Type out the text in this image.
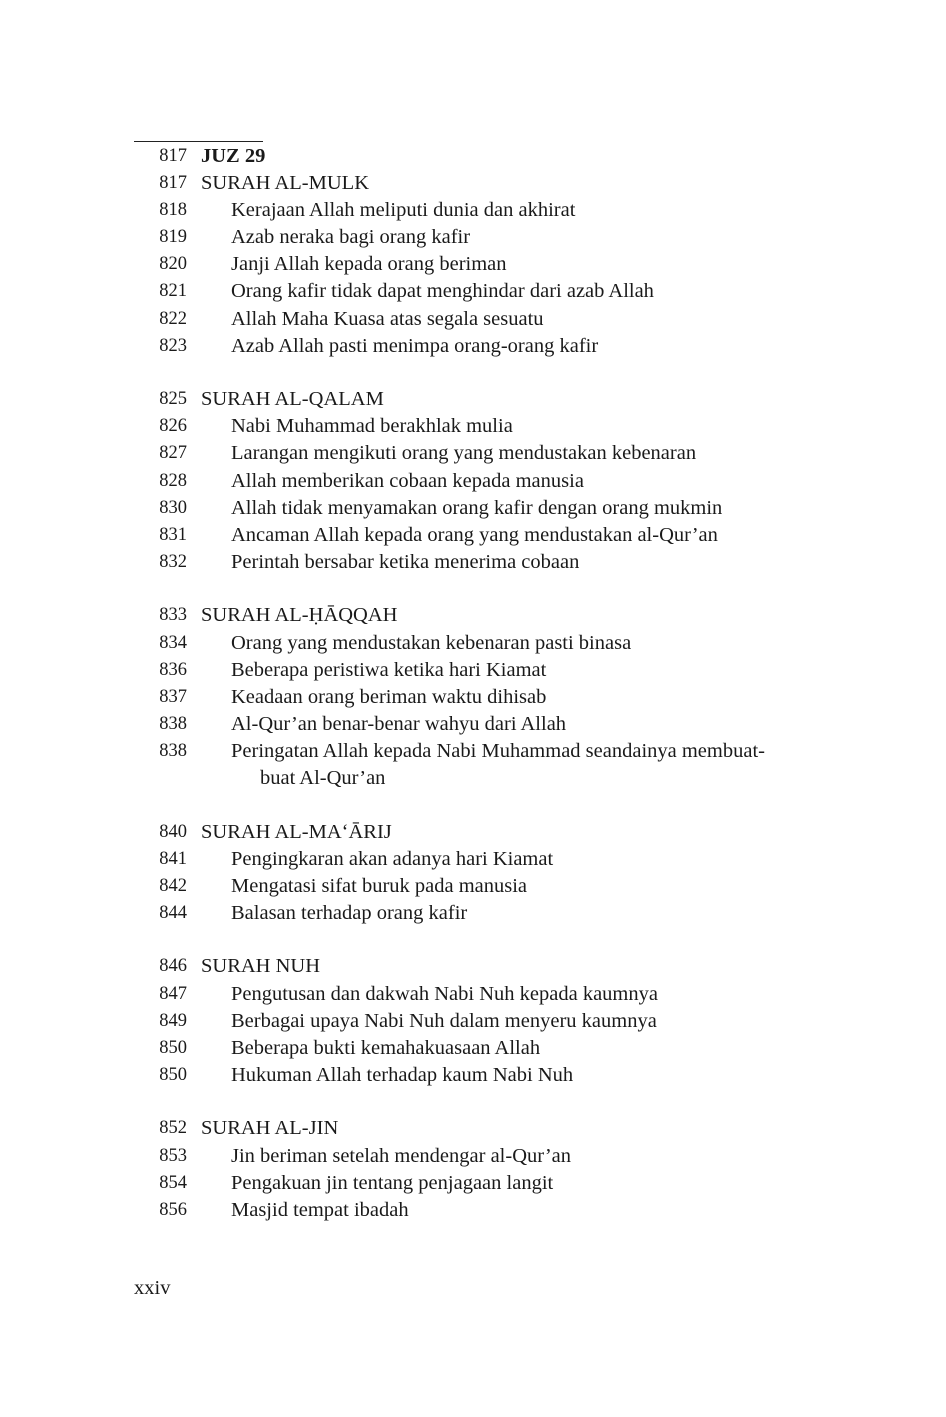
817 JUZ 29
817 SURAH AL-MULK
818 Kerajaan Allah meliputi dunia dan akhirat
819 Azab neraka bagi orang kafir
820 Janji Allah kepada orang beriman
821 Orang kafir tidak dapat menghindar dari azab Allah
822 Allah Maha Kuasa atas segala sesuatu
823 Azab Allah pasti menimpa orang-orang kafir
825 SURAH AL-QALAM
826 Nabi Muhammad berakhlak mulia
827 Larangan mengikuti orang yang mendustakan kebenaran
828 Allah memberikan cobaan kepada manusia
830 Allah tidak menyamakan orang kafir dengan orang mukmin
831 Ancaman Allah kepada orang yang mendustakan al-Qur’an
832 Perintah bersabar ketika menerima cobaan
833 SURAH AL-ḤĀQQAH
834 Orang yang mendustakan kebenaran pasti binasa
836 Beberapa peristiwa ketika hari Kiamat
837 Keadaan orang beriman waktu dihisab
838 Al-Qur’an benar-benar wahyu dari Allah
838 Peringatan Allah kepada Nabi Muhammad seandainya membuat-
buat Al-Qur’an
840 SURAH AL-MAʻĀRIJ
841 Pengingkaran akan adanya hari Kiamat
842 Mengatasi sifat buruk pada manusia
844 Balasan terhadap orang kafir
846 SURAH NUH
847 Pengutusan dan dakwah Nabi Nuh kepada kaumnya
849 Berbagai upaya Nabi Nuh dalam menyeru kaumnya
850 Beberapa bukti kemahakuasaan Allah
850 Hukuman Allah terhadap kaum Nabi Nuh
852 SURAH AL-JIN
853 Jin beriman setelah mendengar al-Qur’an
854 Pengakuan jin tentang penjagaan langit
856 Masjid tempat ibadah
xxiv
